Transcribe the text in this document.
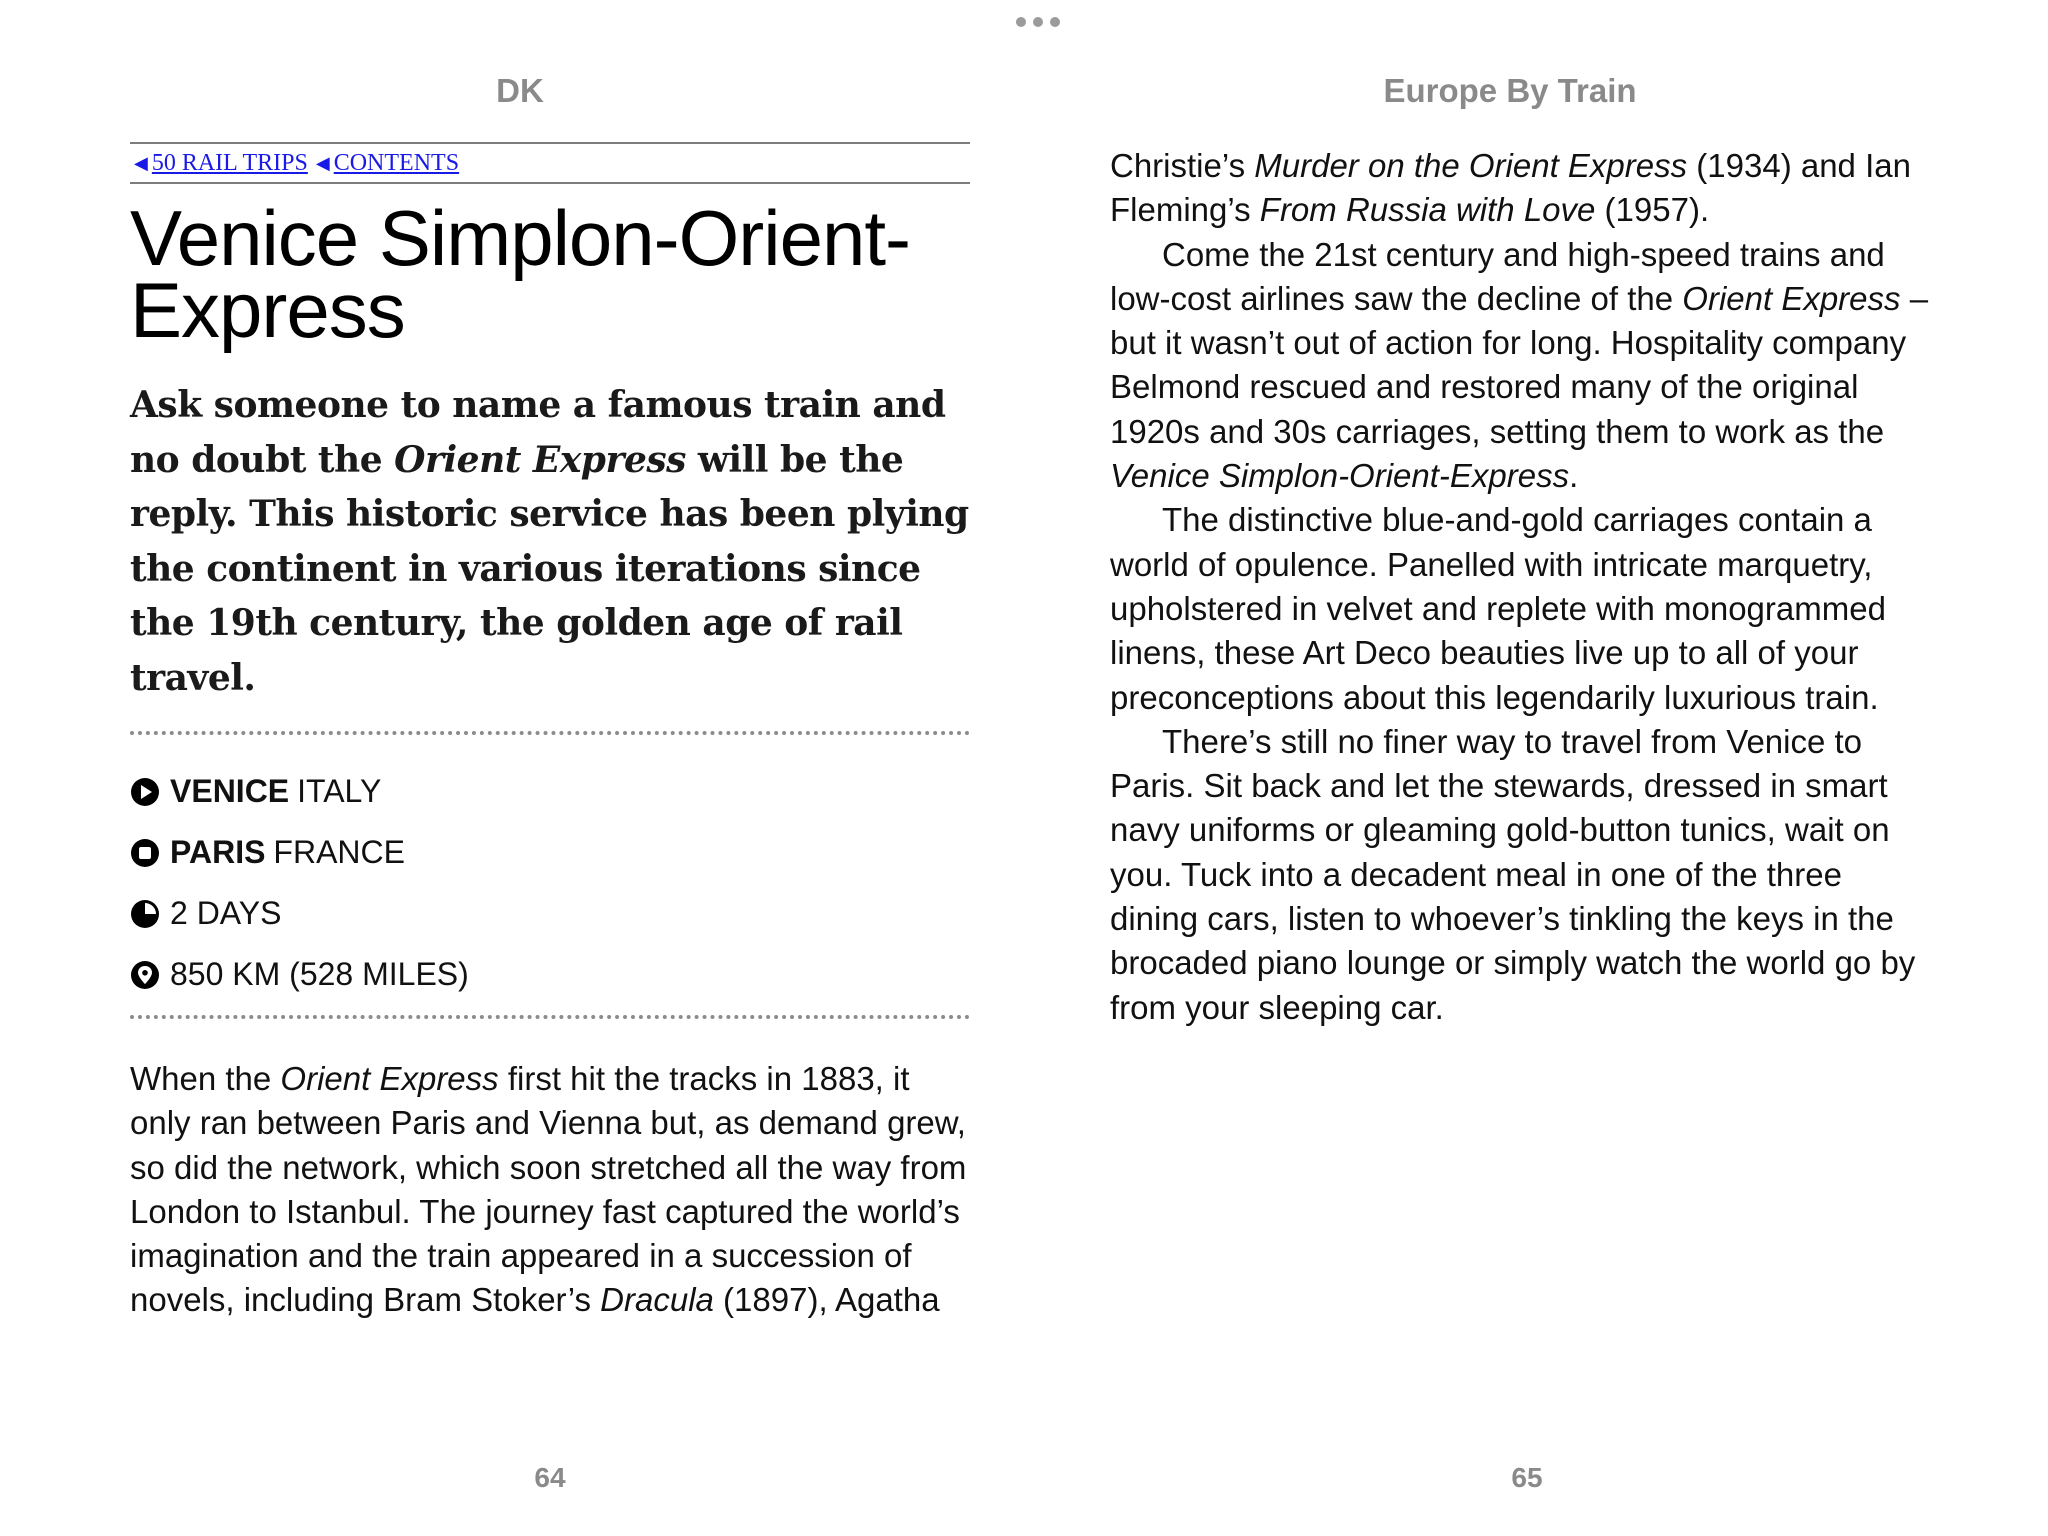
DK	Europe By Train
◀ 50 RAIL TRIPS ◀ CONTENTS
Venice Simplon-Orient-Express

Ask someone to name a famous train and no doubt the Orient Express will be the reply. This historic service has been plying the continent in various iterations since the 19th century, the golden age of rail travel.

VENICE ITALY
PARIS FRANCE
2 DAYS
850 KM (528 MILES)

When the Orient Express first hit the tracks in 1883, it only ran between Paris and Vienna but, as demand grew, so did the network, which soon stretched all the way from London to Istanbul. The journey fast captured the world’s imagination and the train appeared in a succession of novels, including Bram Stoker’s Dracula (1897), Agatha

Christie’s Murder on the Orient Express (1934) and Ian Fleming’s From Russia with Love (1957).

Come the 21st century and high-speed trains and low-cost airlines saw the decline of the Orient Express – but it wasn’t out of action for long. Hospitality company Belmond rescued and restored many of the original 1920s and 30s carriages, setting them to work as the Venice Simplon-Orient-Express.

The distinctive blue-and-gold carriages contain a world of opulence. Panelled with intricate marquetry, upholstered in velvet and replete with monogrammed linens, these Art Deco beauties live up to all of your preconceptions about this legendarily luxurious train.

There’s still no finer way to travel from Venice to Paris. Sit back and let the stewards, dressed in smart navy uniforms or gleaming gold-button tunics, wait on you. Tuck into a decadent meal in one of the three dining cars, listen to whoever’s tinkling the keys in the brocaded piano lounge or simply watch the world go by from your sleeping car.

64	65
